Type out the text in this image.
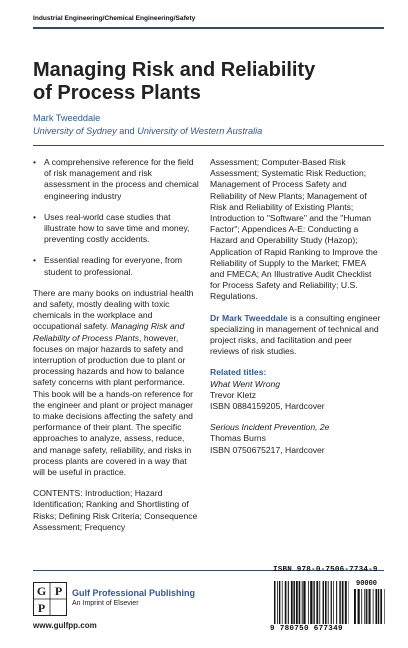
Industrial Engineering/Chemical Engineering/Safety
Managing Risk and Reliability
of Process Plants
Mark Tweeddale
University of Sydney and University of Western Australia
• A comprehensive reference for the field of risk management and risk assessment in the process and chemical engineering industry
• Uses real-world case studies that illustrate how to save time and money, preventing costly accidents.
• Essential reading for everyone, from student to professional.

There are many books on industrial health and safety, mostly dealing with toxic chemicals in the workplace and occupational safety. Managing Risk and Reliability of Process Plants, however, focuses on major hazards to safety and interruption of production due to plant or processing hazards and how to balance safety concerns with plant performance. This book will be a hands-on reference for the engineer and plant or project manager to make decisions affecting the safety and performance of their plant. The specific approaches to analyze, assess, reduce, and manage safety, reliability, and risks in process plants are covered in a way that will be useful in practice.

CONTENTS: Introduction; Hazard Identification; Ranking and Shortlisting of Risks; Defining Risk Criteria; Consequence Assessment; Frequency

Assessment; Computer-Based Risk Assessment; Systematic Risk Reduction; Management of Process Safety and Reliability of New Plants; Management of Risk and Reliability of Existing Plants; Introduction to "Software" and the "Human Factor"; Appendices A-E: Conducting a Hazard and Operability Study (Hazop); Application of Rapid Ranking to Improve the Reliability of Supply to the Market; FMEA and FMECA; An Illustrative Audit Checklist for Process Safety and Reliability; U.S. Regulations.

Dr Mark Tweeddale is a consulting engineer specializing in management of technical and project risks, and facilitation and peer reviews of risk studies.

Related titles:

What Went Wrong

Trevor Kletz

ISBN 0884159205, Hardcover

Serious Incident Prevention, 2e

Thomas Burns

ISBN 0750675217, Hardcover

G P
P
Gulf Professional Publishing
An Imprint of Elsevier
www.gulfpp.com
ISBN 978-0-7506-7734-9
90000
9 780750 677349
